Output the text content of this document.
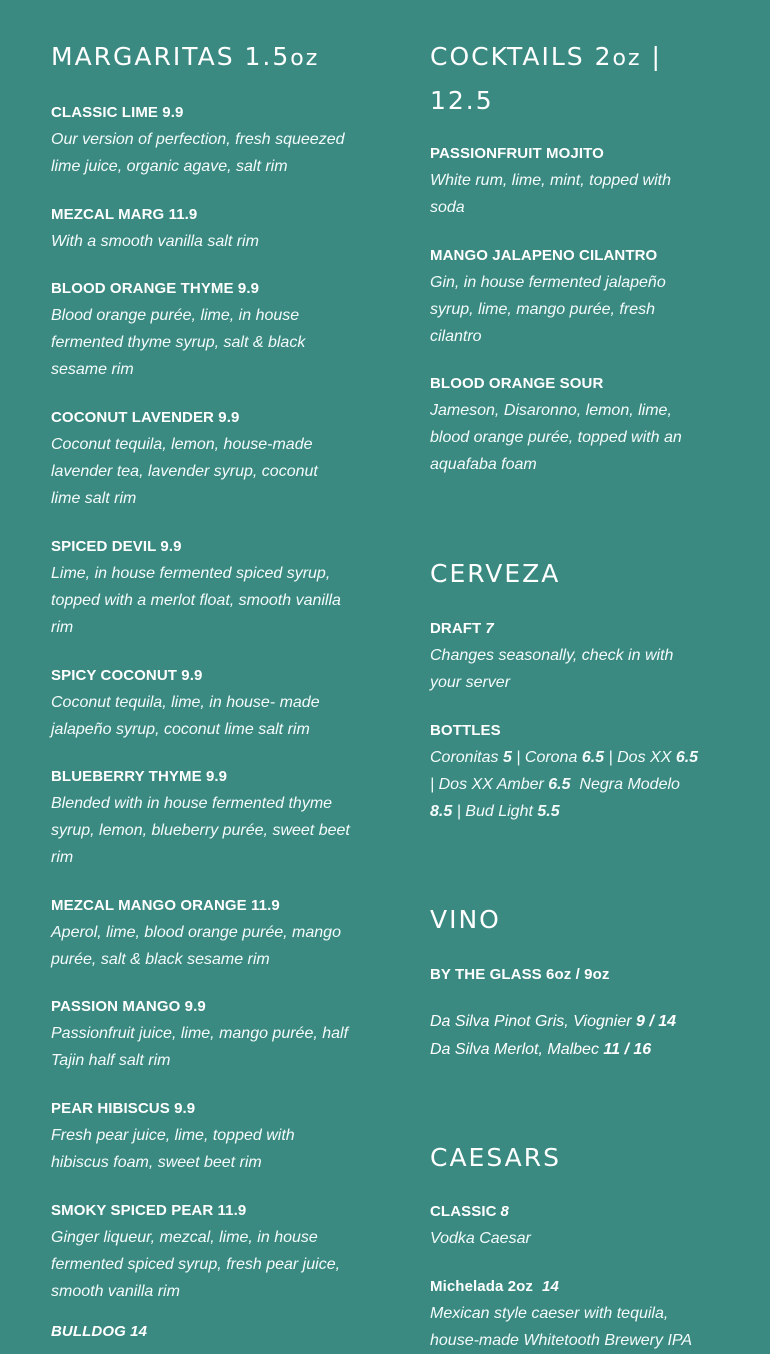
MARGARITAS 1.5oz
CLASSIC LIME 9.9
Our version of perfection, fresh squeezed lime juice, organic agave, salt rim
MEZCAL MARG 11.9
With a smooth vanilla salt rim
BLOOD ORANGE THYME 9.9
Blood orange purée, lime, in house fermented thyme syrup, salt & black sesame rim
COCONUT LAVENDER 9.9
Coconut tequila, lemon, house-made lavender tea, lavender syrup, coconut lime salt rim
SPICED DEVIL 9.9
Lime, in house fermented spiced syrup, topped with a merlot float, smooth vanilla rim
SPICY COCONUT 9.9
Coconut tequila, lime, in house- made jalapeño syrup, coconut lime salt rim
BLUEBERRY THYME 9.9
Blended with in house fermented thyme syrup, lemon, blueberry purée, sweet beet rim
MEZCAL MANGO ORANGE 11.9
Aperol, lime, blood orange purée, mango purée, salt & black sesame rim
PASSION MANGO 9.9
Passionfruit juice, lime, mango purée, half Tajin half salt rim
PEAR HIBISCUS 9.9
Fresh pear juice, lime, topped with hibiscus foam, sweet beet rim
SMOKY SPICED PEAR 11.9
Ginger liqueur, mezcal, lime, in house fermented spiced syrup, fresh pear juice, smooth vanilla rim
BULLDOG 14
COCKTAILS 2oz | 12.5
PASSIONFRUIT MOJITO
White rum, lime, mint, topped with soda
MANGO JALAPENO CILANTRO
Gin, in house fermented jalapeño syrup, lime, mango purée, fresh cilantro
BLOOD ORANGE SOUR
Jameson, Disaronno, lemon, lime, blood orange purée, topped with an aquafaba foam
CERVEZA
DRAFT 7
Changes seasonally, check in with your server
BOTTLES
Coronitas 5 | Corona 6.5 | Dos XX 6.5 | Dos XX Amber 6.5 Negra Modelo 8.5 | Bud Light 5.5
VINO
BY THE GLASS 6oz / 9oz
Da Silva Pinot Gris, Viognier 9 / 14
Da Silva Merlot, Malbec 11 / 16
CAESARS
CLASSIC 8
Vodka Caesar
Michelada 2oz 14
Mexican style caeser with tequila, house-made Whitetooth Brewery IPA
